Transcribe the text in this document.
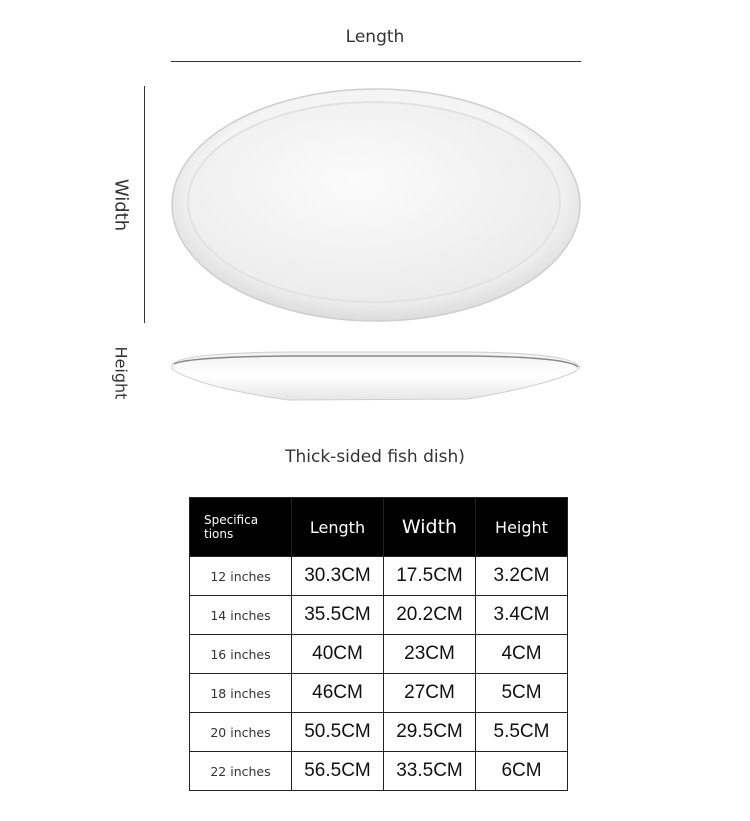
Length
Width
Height
Thick-sided fish dish)
Specifica tions	Length	Width	Height
12 inches	30.3CM	17.5CM	3.2CM
14 inches	35.5CM	20.2CM	3.4CM
16 inches	40CM	23CM	4CM
18 inches	46CM	27CM	5CM
20 inches	50.5CM	29.5CM	5.5CM
22 inches	56.5CM	33.5CM	6CM
